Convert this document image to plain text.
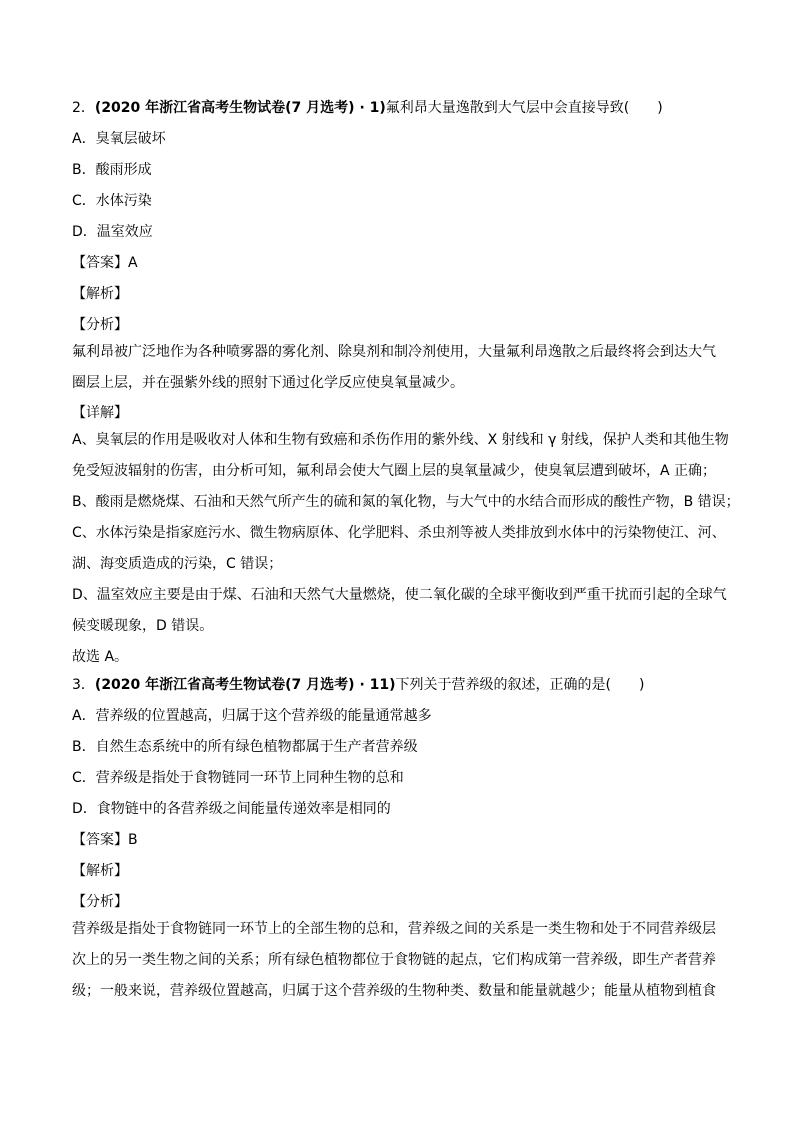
2．(2020 年浙江省高考生物试卷(7 月选考) · 1)氟利昂大量逸散到大气层中会直接导致(　　)

A．臭氧层破坏

B．酸雨形成

C．水体污染

D．温室效应

【答案】A

【解析】

【分析】

氟利昂被广泛地作为各种喷雾器的雾化剂、除臭剂和制冷剂使用，大量氟利昂逸散之后最终将会到达大气
圈层上层，并在强紫外线的照射下通过化学反应使臭氧量减少。

【详解】

A、臭氧层的作用是吸收对人体和生物有致癌和杀伤作用的紫外线、X 射线和 γ 射线，保护人类和其他生物
免受短波辐射的伤害，由分析可知，氟利昂会使大气圈上层的臭氧量减少，使臭氧层遭到破坏，A 正确；
B、酸雨是燃烧煤、石油和天然气所产生的硫和氮的氧化物，与大气中的水结合而形成的酸性产物，B 错误；
C、水体污染是指家庭污水、微生物病原体、化学肥料、杀虫剂等被人类排放到水体中的污染物使江、河、
湖、海变质造成的污染，C 错误；
D、温室效应主要是由于煤、石油和天然气大量燃烧，使二氧化碳的全球平衡收到严重干扰而引起的全球气
候变暖现象，D 错误。
故选 A。

3．(2020 年浙江省高考生物试卷(7 月选考) · 11)下列关于营养级的叙述，正确的是(　　)

A．营养级的位置越高，归属于这个营养级的能量通常越多

B．自然生态系统中的所有绿色植物都属于生产者营养级

C．营养级是指处于食物链同一环节上同种生物的总和

D．食物链中的各营养级之间能量传递效率是相同的

【答案】B

【解析】

【分析】

营养级是指处于食物链同一环节上的全部生物的总和，营养级之间的关系是一类生物和处于不同营养级层
次上的另一类生物之间的关系；所有绿色植物都位于食物链的起点，它们构成第一营养级，即生产者营养
级；一般来说，营养级位置越高，归属于这个营养级的生物种类、数量和能量就越少；能量从植物到植食
